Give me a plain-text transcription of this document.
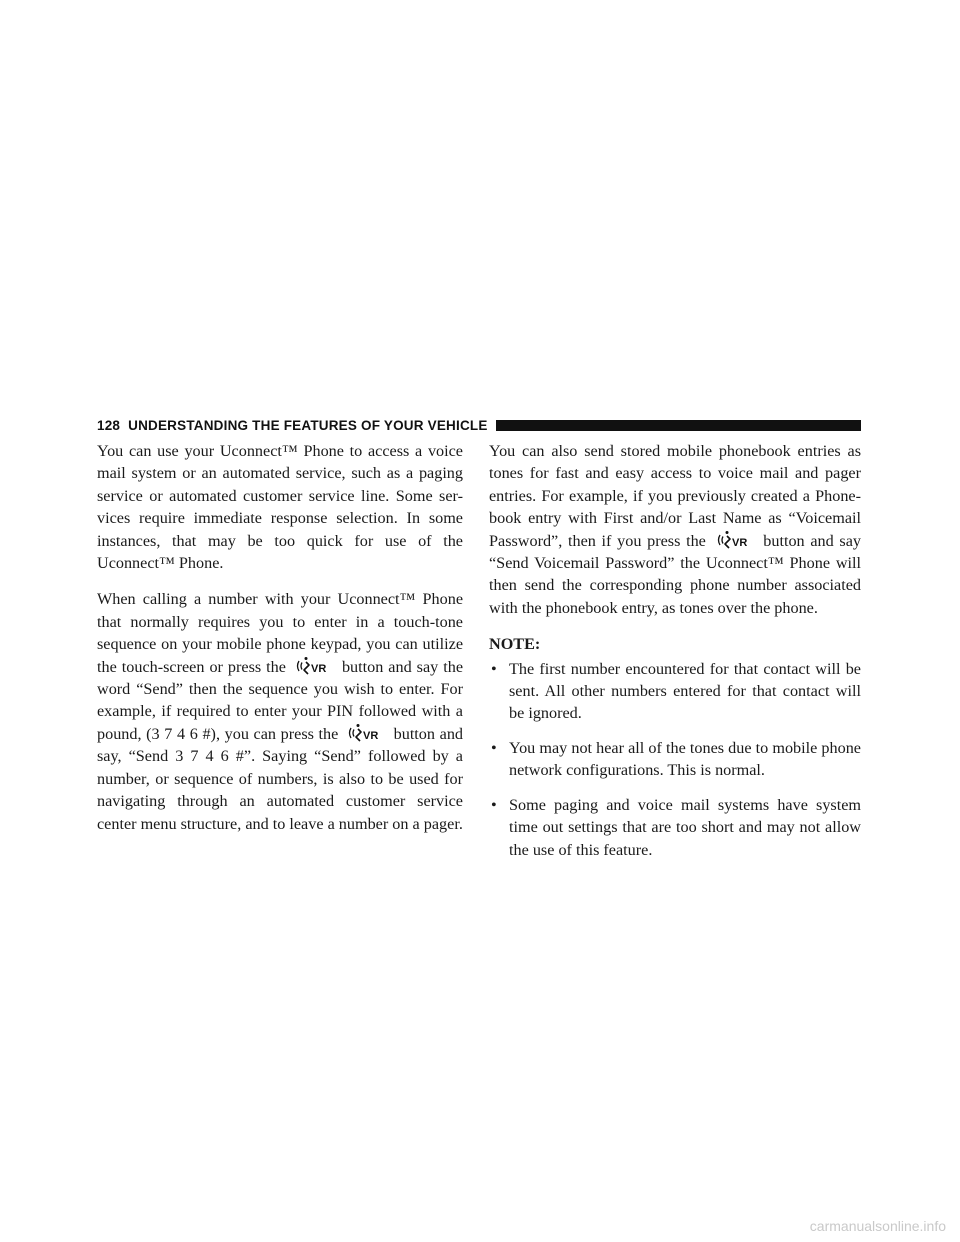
128 UNDERSTANDING THE FEATURES OF YOUR VEHICLE

You can use your Uconnect™ Phone to access a voice mail system or an automated service, such as a paging service or automated customer service line. Some ser- vices require immediate response selection. In some instances, that may be too quick for use of the Uconnect™ Phone.

When calling a number with your Uconnect™ Phone that normally requires you to enter in a touch-tone sequence on your mobile phone keypad, you can utilize the touch-screen or press the VR button and say the word “Send” then the sequence you wish to enter. For example, if required to enter your PIN followed with a pound, (3 7 4 6 #), you can press the VR button and say, “Send 3 7 4 6 #”. Saying “Send” followed by a number, or sequence of numbers, is also to be used for navigating through an automated customer service center menu structure, and to leave a number on a pager.

You can also send stored mobile phonebook entries as tones for fast and easy access to voice mail and pager entries. For example, if you previously created a Phone- book entry with First and/or Last Name as “Voicemail Password”, then if you press the VR button and say “Send Voicemail Password” the Uconnect™ Phone will then send the corresponding phone number associated with the phonebook entry, as tones over the phone.

NOTE:

• The first number encountered for that contact will be sent. All other numbers entered for that contact will be ignored.
• You may not hear all of the tones due to mobile phone network configurations. This is normal.
• Some paging and voice mail systems have system time out settings that are too short and may not allow the use of this feature.
carmanualsonline.info
